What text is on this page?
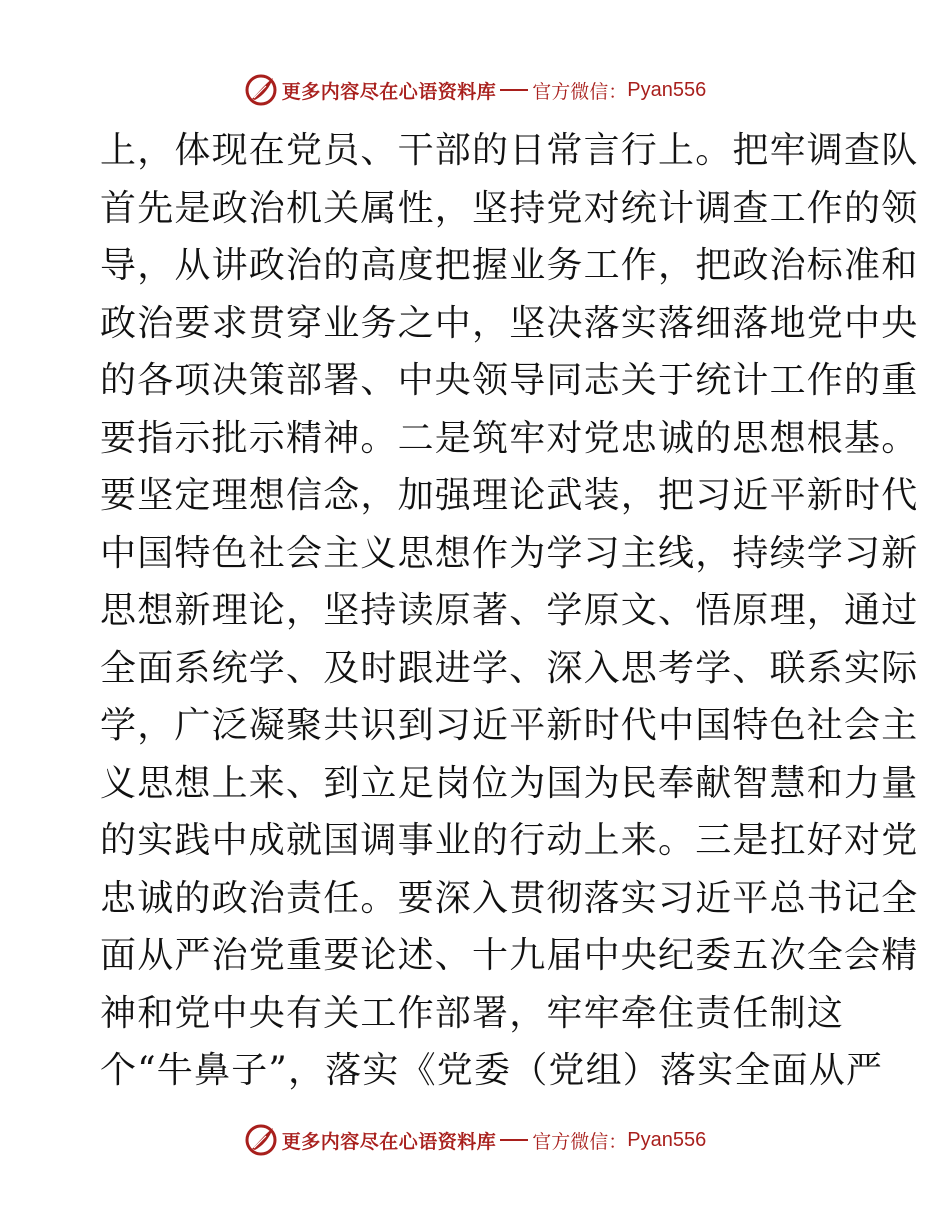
更多内容尽在心语资料库 官方微信： Pyan556
上，体现在党员、干部的日常言行上。把牢调查队
首先是政治机关属性，坚持党对统计调查工作的领
导，从讲政治的高度把握业务工作，把政治标准和
政治要求贯穿业务之中，坚决落实落细落地党中央
的各项决策部署、中央领导同志关于统计工作的重
要指示批示精神。二是筑牢对党忠诚的思想根基。
要坚定理想信念，加强理论武装，把习近平新时代
中国特色社会主义思想作为学习主线，持续学习新
思想新理论，坚持读原著、学原文、悟原理，通过
全面系统学、及时跟进学、深入思考学、联系实际
学，广泛凝聚共识到习近平新时代中国特色社会主
义思想上来、到立足岗位为国为民奉献智慧和力量
的实践中成就国调事业的行动上来。三是扛好对党
忠诚的政治责任。要深入贯彻落实习近平总书记全
面从严治党重要论述、十九届中央纪委五次全会精
神和党中央有关工作部署，牢牢牵住责任制这
个“牛鼻子”，落实《党委（党组）落实全面从严
更多内容尽在心语资料库 官方微信： Pyan556
